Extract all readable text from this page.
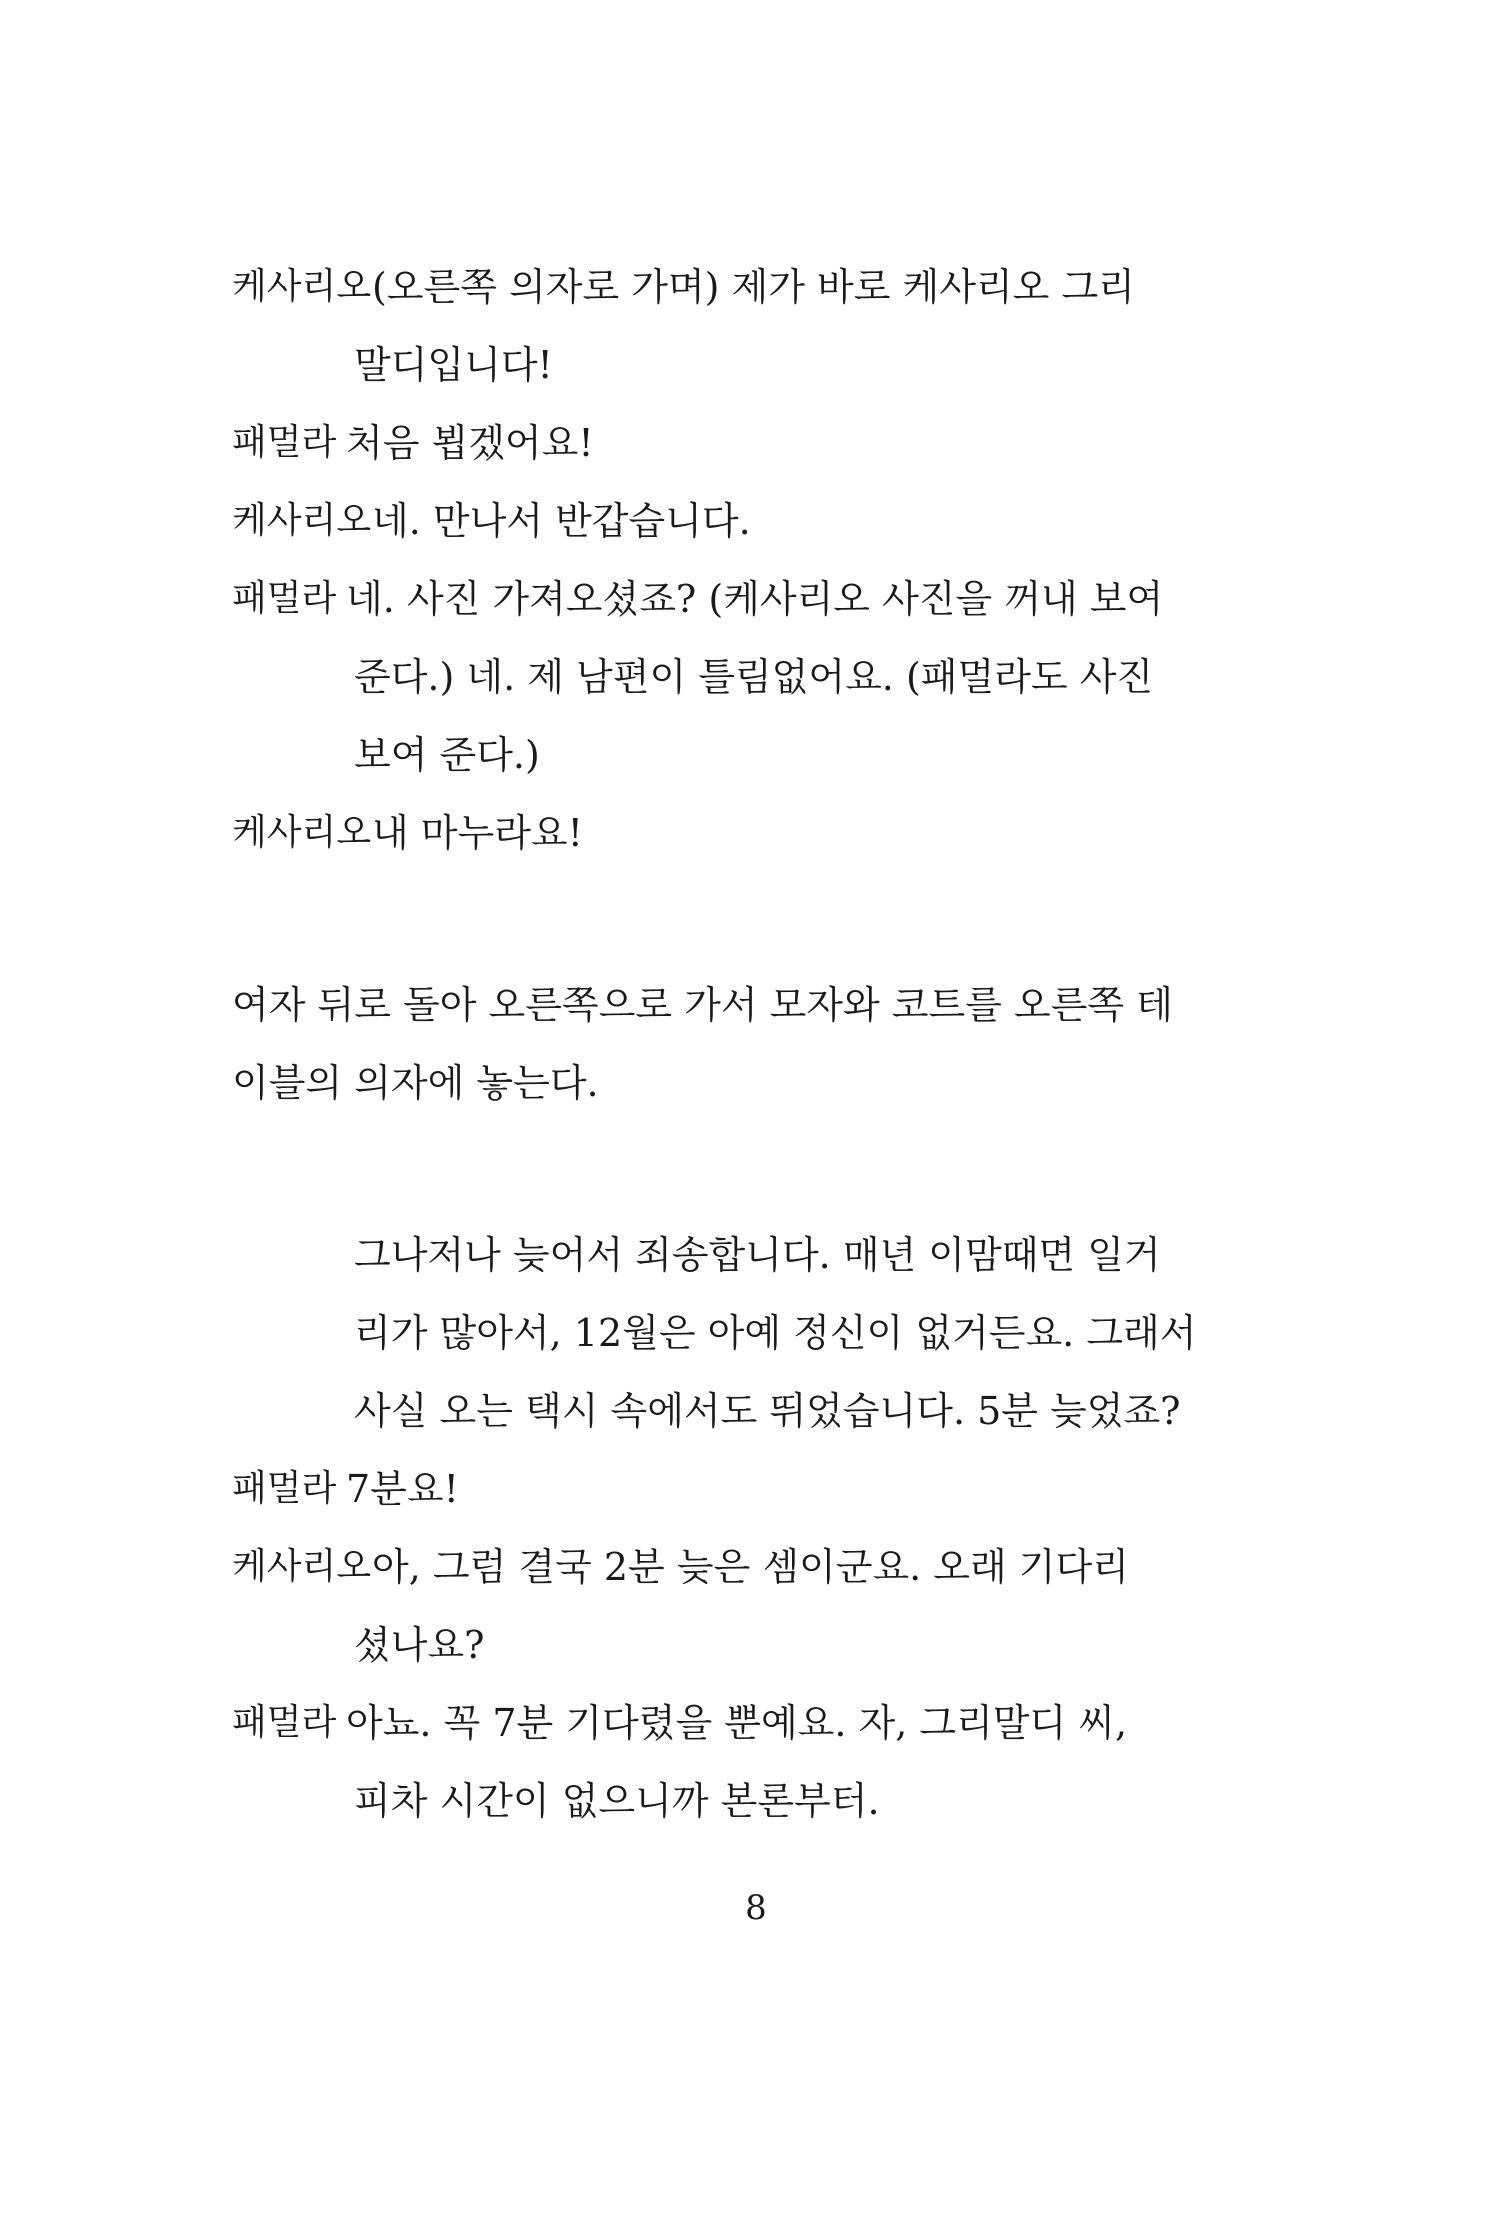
케사리오 (오른쪽 의자로 가며) 제가 바로 케사리오 그리
말디입니다!
패멀라 처음 뵙겠어요!
케사리오 네. 만나서 반갑습니다.
패멀라 네. 사진 가져오셨죠? (케사리오 사진을 꺼내 보여
준다.) 네. 제 남편이 틀림없어요. (패멀라도 사진
보여 준다.)
케사리오 내 마누라요!
여자 뒤로 돌아 오른쪽으로 가서 모자와 코트를 오른쪽 테
이블의 의자에 놓는다.
그나저나 늦어서 죄송합니다. 매년 이맘때면 일거
리가 많아서, 12월은 아예 정신이 없거든요. 그래서
사실 오는 택시 속에서도 뛰었습니다. 5분 늦었죠?
패멀라 7분요!
케사리오 아, 그럼 결국 2분 늦은 셈이군요. 오래 기다리
셨나요?
패멀라 아뇨. 꼭 7분 기다렸을 뿐예요. 자, 그리말디 씨,
피차 시간이 없으니까 본론부터.
8
